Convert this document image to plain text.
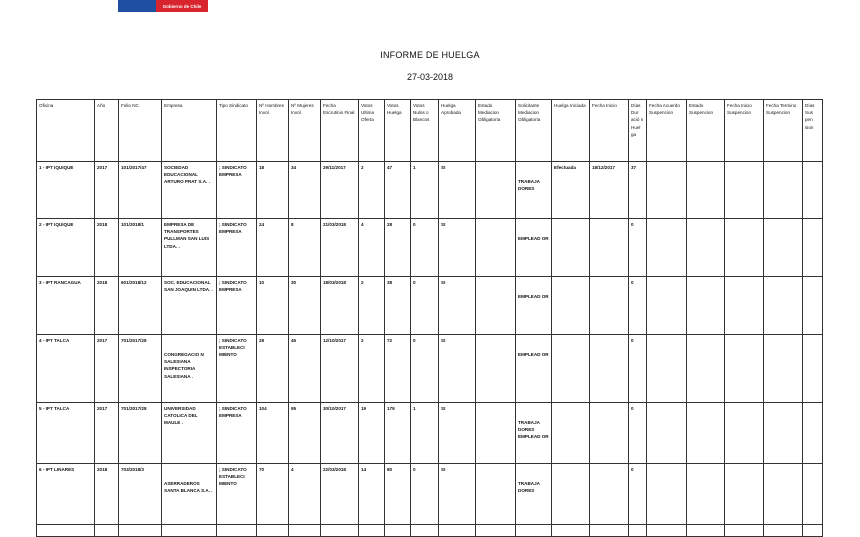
Gobierno de Chile
INFORME DE HUELGA
27-03-2018
Oficina	Año	Folio NC	Empresa	Tipo Sindicato	Nº Hombres Invol.	Nº Mujeres Invol.	Fecha Escrutinio Final	Votos Ultima Oferta	Votos Huelga	Votos Nulos o Blancos	Huelga Aprobada	Estado Mediacion Obligatoria	Solicitante Mediacion Obligatoria	Huelga Iniciada	Fecha Inicio	Días Dur ació n Huel ga	Fecha Acuerdo Suspencion	Estado Suspencion	Fecha Inicio Suspencion	Fecha Termino Suspencion	Días Sus pen sion
1 - IPT IQUIQUE	2017	101/2017/47	SOCIEDAD EDUCACIONAL ARTURO PRAT S.A. .	; SINDICATO EMPRESA	18	34	29/11/2017	2	47	1	SI		TRABAJA DORES	Efectuada	18/12/2017	37					
2 - IPT IQUIQUE	2018	101/2018/1	EMPRESA DE TRANSPORTES PULLMAN SAN LUIS LTDA. .	; SINDICATO EMPRESA	24	8	21/03/2018	4	28	0	SI		EMPLEAD OR			0					
3 - IPT RANCAGUA	2018	601/2018/12	SOC. EDUCACIONAL SAN JOAQUIN LTDA. .	; SINDICATO EMPRESA	10	30	18/03/2018	2	38	0	SI		EMPLEAD OR			0					
4 - IPT TALCA	2017	701/2017/28	CONGREGACIO N SALESIANA INSPECTORIA SALESIANA .	; SINDICATO ESTABLECI MIENTO	28	45	12/10/2017	2	72	0	SI		EMPLEAD OR			0					
5 - IPT TALCA	2017	701/2017/28	UNIVERSIDAD CATOLICA DEL MAULE .	; SINDICATO EMPRESA	104	95	30/10/2017	19	179	1	SI		TRABAJA DORES EMPLEAD OR			0					
6 - IPT LINARES	2018	703/2018/3	ASERRADEROS SANTA BLANCA S.A. .	; SINDICATO ESTABLECI MIENTO	70	4	22/03/2018	14	80	0	SI		TRABAJA DORES			0					
